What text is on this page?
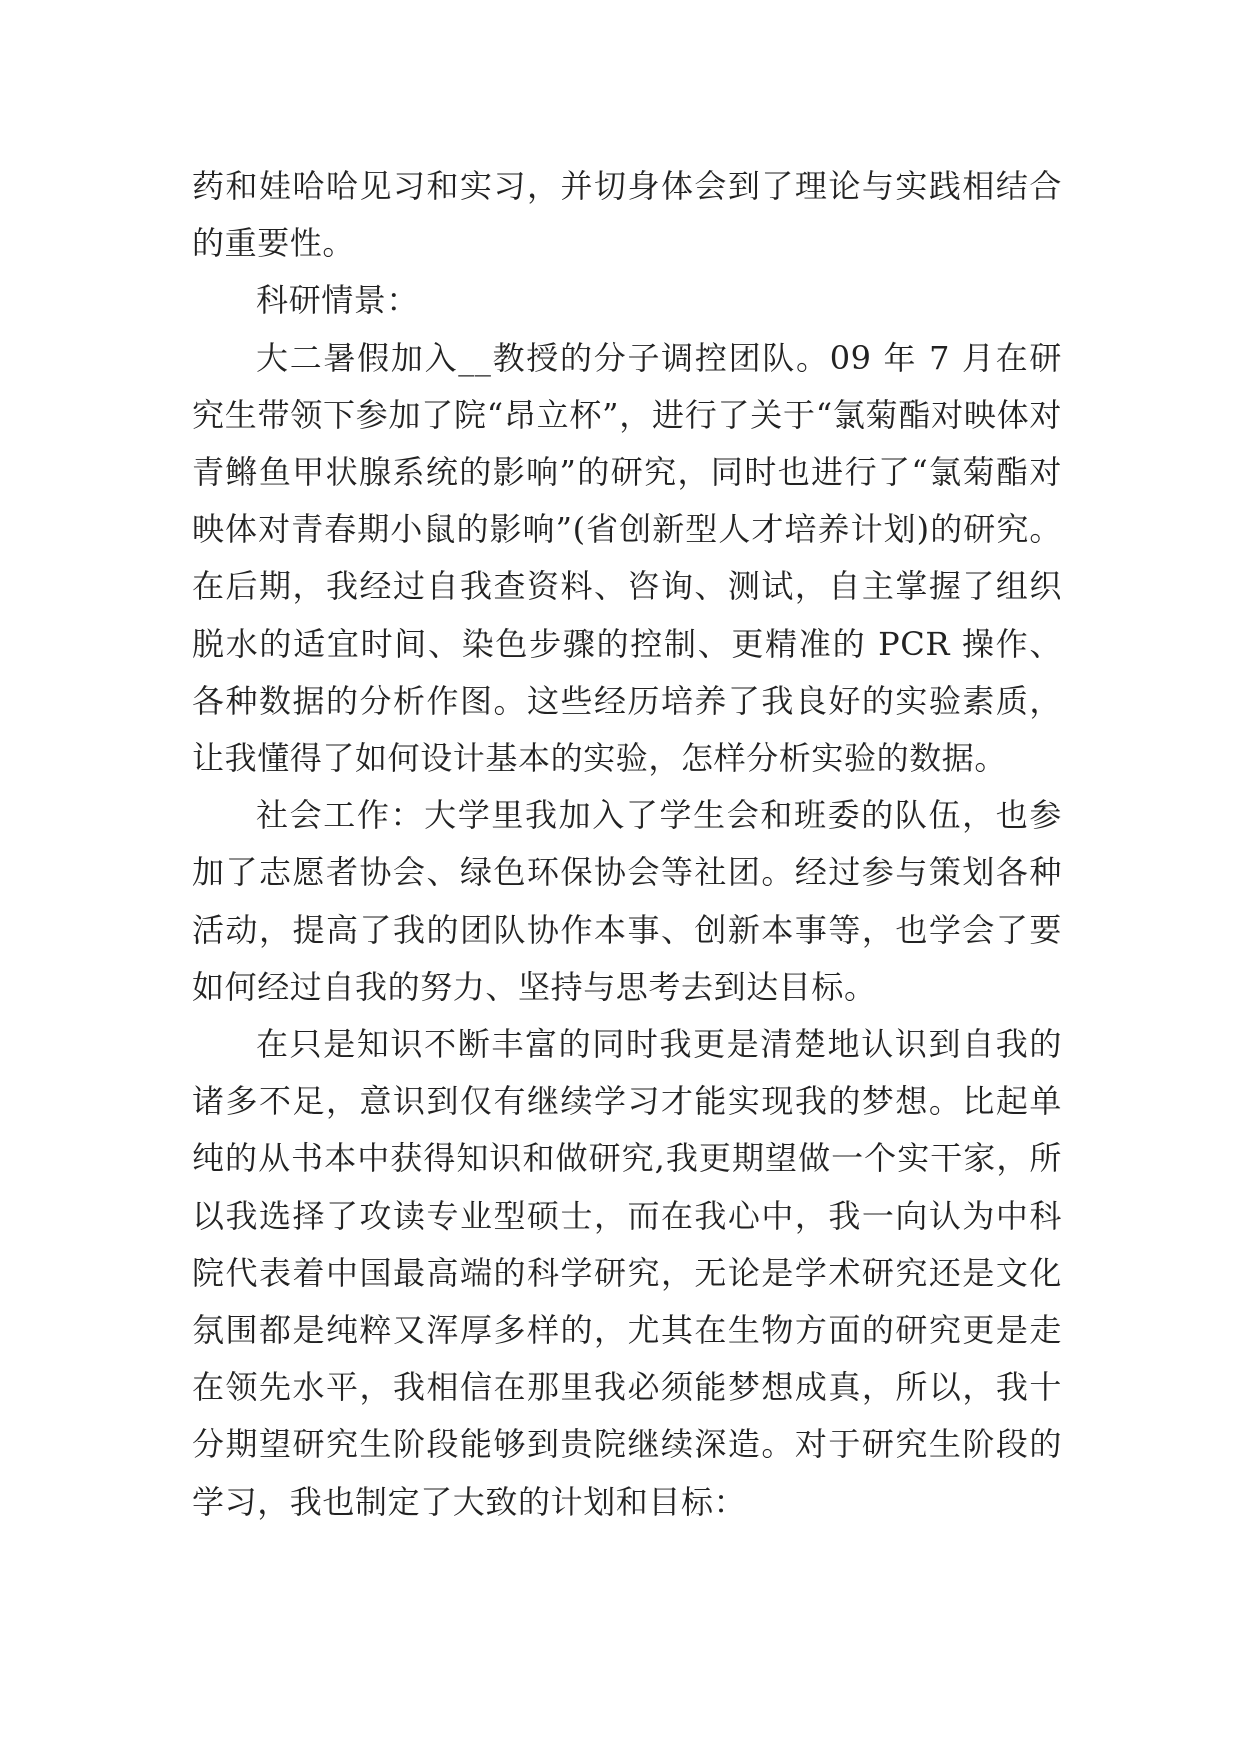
药和娃哈哈见习和实习，并切身体会到了理论与实践相结合的重要性。

科研情景：

大二暑假加入__教授的分子调控团队。09 年 7 月在研究生带领下参加了院“昂立杯”，进行了关于“氯菊酯对映体对青鳉鱼甲状腺系统的影响”的研究，同时也进行了“氯菊酯对映体对青春期小鼠的影响”(省创新型人才培养计划)的研究。在后期，我经过自我查资料、咨询、测试，自主掌握了组织脱水的适宜时间、染色步骤的控制、更精准的 PCR 操作、各种数据的分析作图。这些经历培养了我良好的实验素质，让我懂得了如何设计基本的实验，怎样分析实验的数据。

社会工作：大学里我加入了学生会和班委的队伍，也参加了志愿者协会、绿色环保协会等社团。经过参与策划各种活动，提高了我的团队协作本事、创新本事等，也学会了要如何经过自我的努力、坚持与思考去到达目标。

在只是知识不断丰富的同时我更是清楚地认识到自我的诸多不足，意识到仅有继续学习才能实现我的梦想。比起单纯的从书本中获得知识和做研究,我更期望做一个实干家，所以我选择了攻读专业型硕士，而在我心中，我一向认为中科院代表着中国最高端的科学研究，无论是学术研究还是文化氛围都是纯粹又浑厚多样的，尤其在生物方面的研究更是走在领先水平，我相信在那里我必须能梦想成真，所以，我十分期望研究生阶段能够到贵院继续深造。对于研究生阶段的学习，我也制定了大致的计划和目标：
